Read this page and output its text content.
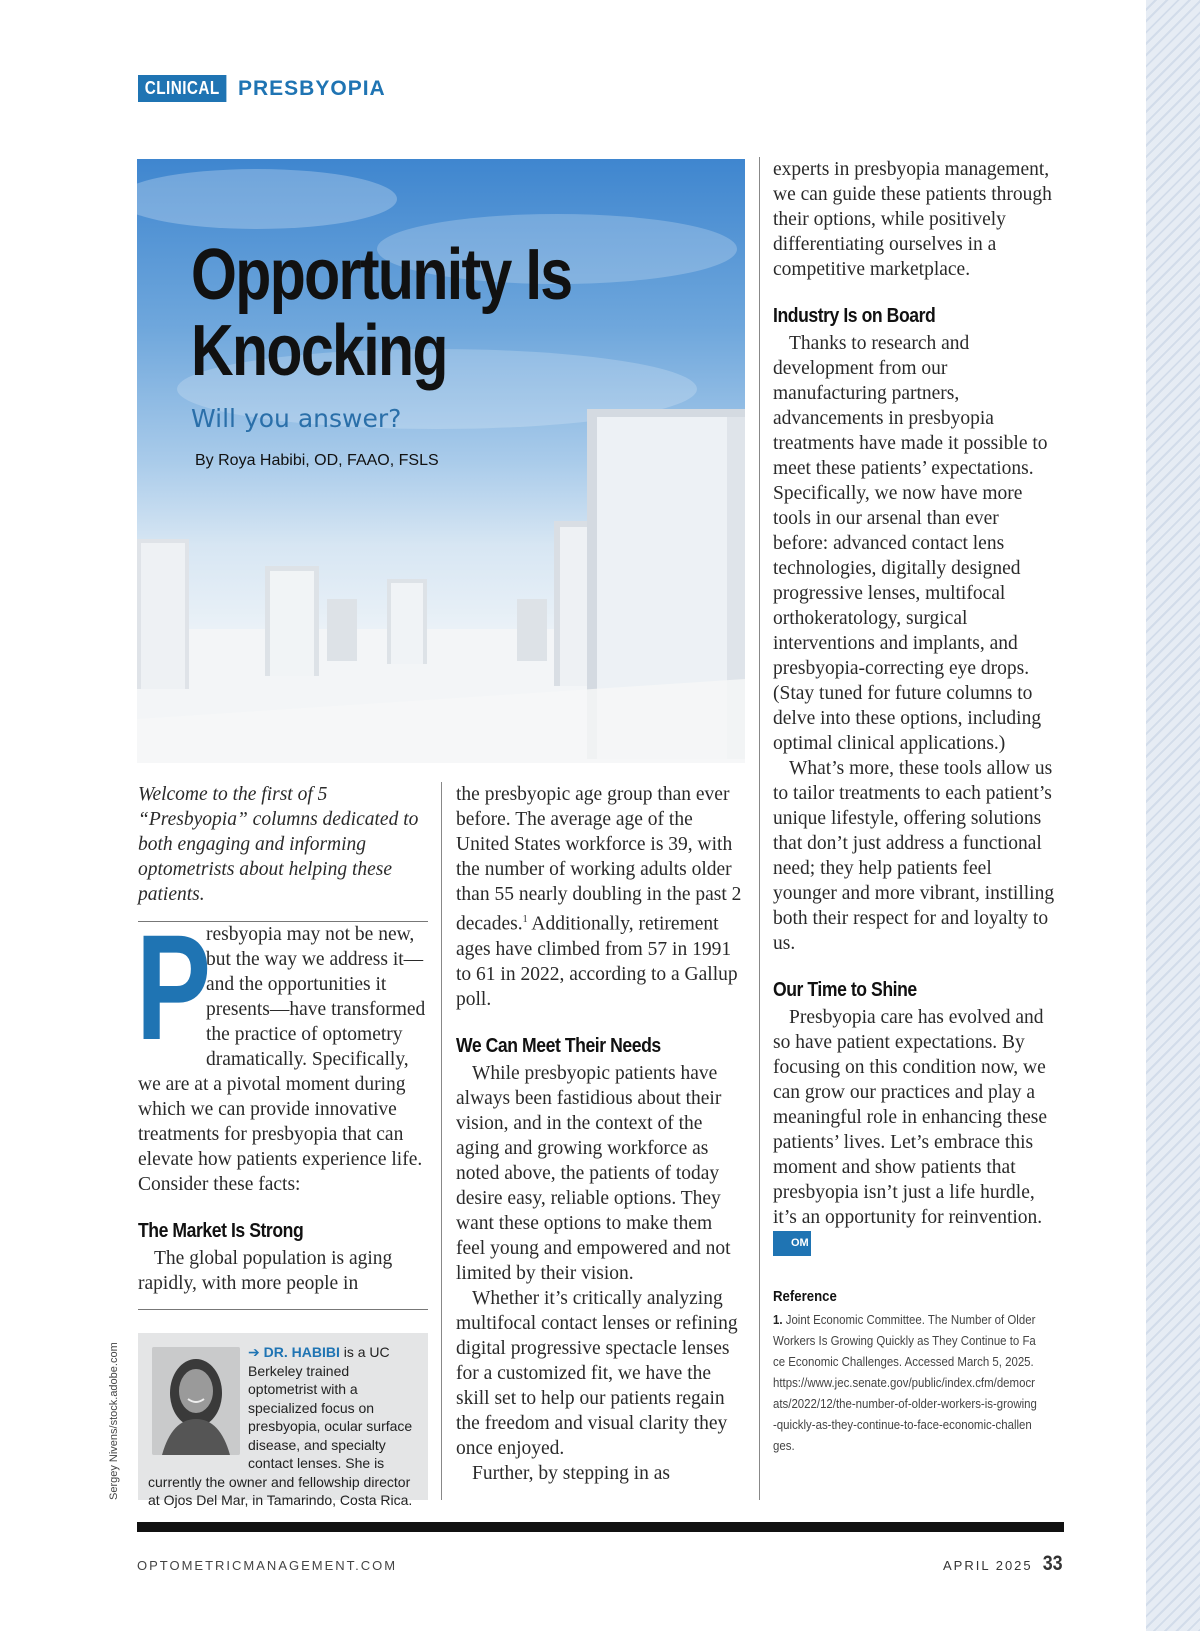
CLINICAL PRESBYOPIA
Opportunity Is
Knocking
Will you answer?
By Roya Habibi, OD, FAAO, FSLS

Welcome to the first of 5 “Presbyopia” columns dedicated to both engaging and informing optometrists about helping these patients.

P
resbyopia may not be new, but the way we address it—and the opportunities it presents—have transformed the practice of optometry dramatically. Specifically, we are at a pivotal moment during which we can provide innovative treatments for presbyopia that can elevate how patients experience life. Consider these facts:

The Market Is Strong

The global population is aging rapidly, with more people in

➔ DR. HABIBI is a UC Berkeley trained optometrist with a specialized focus on presbyopia, ocular surface disease, and specialty contact lenses. She is currently the owner and fellowship director at Ojos Del Mar, in Tamarindo, Costa Rica.
Sergey Nivens/stock.adobe.com

the presbyopic age group than ever before. The average age of the United States workforce is 39, with the number of working adults older than 55 nearly doubling in the past 2 decades.$^1$ Additionally, retirement ages have climbed from 57 in 1991 to 61 in 2022, according to a Gallup poll.

We Can Meet Their Needs

While presbyopic patients have always been fastidious about their vision, and in the context of the aging and growing workforce as noted above, the patients of today desire easy, reliable options. They want these options to make them feel young and empowered and not limited by their vision.

Whether it’s critically analyzing multifocal contact lenses or refining digital progressive spectacle lenses for a customized fit, we have the skill set to help our patients regain the freedom and visual clarity they once enjoyed.

Further, by stepping in as

experts in presbyopia management, we can guide these patients through their options, while positively differentiating ourselves in a competitive marketplace.

Industry Is on Board

Thanks to research and development from our manufacturing partners, advancements in presbyopia treatments have made it possible to meet these patients’ expectations. Specifically, we now have more tools in our arsenal than ever before: advanced contact lens technologies, digitally designed progressive lenses, multifocal orthokeratology, surgical interventions and implants, and presbyopia-correcting eye drops. (Stay tuned for future columns to delve into these options, including optimal clinical applications.)

What’s more, these tools allow us to tailor treatments to each patient’s unique lifestyle, offering solutions that don’t just address a functional need; they help patients feel younger and more vibrant, instilling both their respect for and loyalty to us.

Our Time to Shine

Presbyopia care has evolved and so have patient expectations. By focusing on this condition now, we can grow our practices and play a meaningful role in enhancing these patients’ lives. Let’s embrace this moment and show patients that presbyopia isn’t just a life hurdle, it’s an opportunity for reinvention. OM

Reference
1. Joint Economic Committee. The Number of Older Workers Is Growing Quickly as They Continue to Face Economic Challenges. Accessed March 5, 2025. https://www.jec.senate.gov/public/index.cfm/democrats/2022/12/the-number-of-older-workers-is-growing-quickly-as-they-continue-to-face-economic-challenges.
OPTOMETRICMANAGEMENT.COM	APRIL 2025 33
